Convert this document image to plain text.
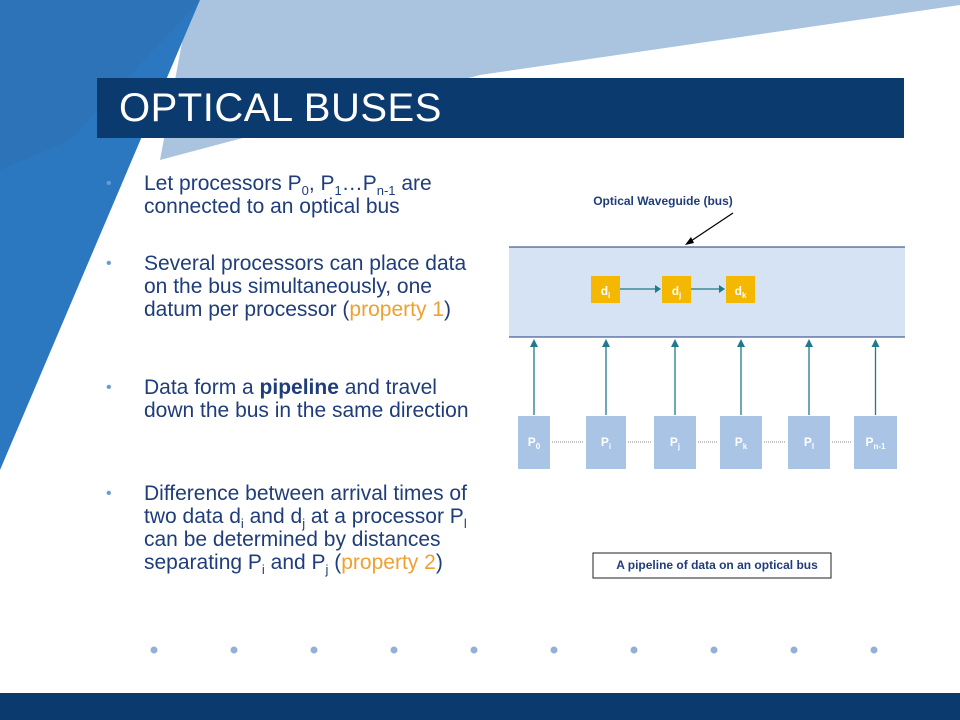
OPTICAL BUSES
• Let processors $P_0$, $P_1\dots P_{n-1}$ are connected to an optical bus
• Several processors can place data on the bus simultaneously, one datum per processor (property 1)
• Data form a pipeline and travel down the bus in the same direction
• Difference between arrival times of two data $d_i$ and $d_j$ at a processor $P_l$ can be determined by distances separating $P_i$ and $P_j$ (property 2)
Optical Waveguide (bus)
$d_i$	$d_j$	$d_k$
$P_0$	$P_i$	$P_j$	$P_k$	$P_l$	$P_{n-1}$
A pipeline of data on an optical bus
